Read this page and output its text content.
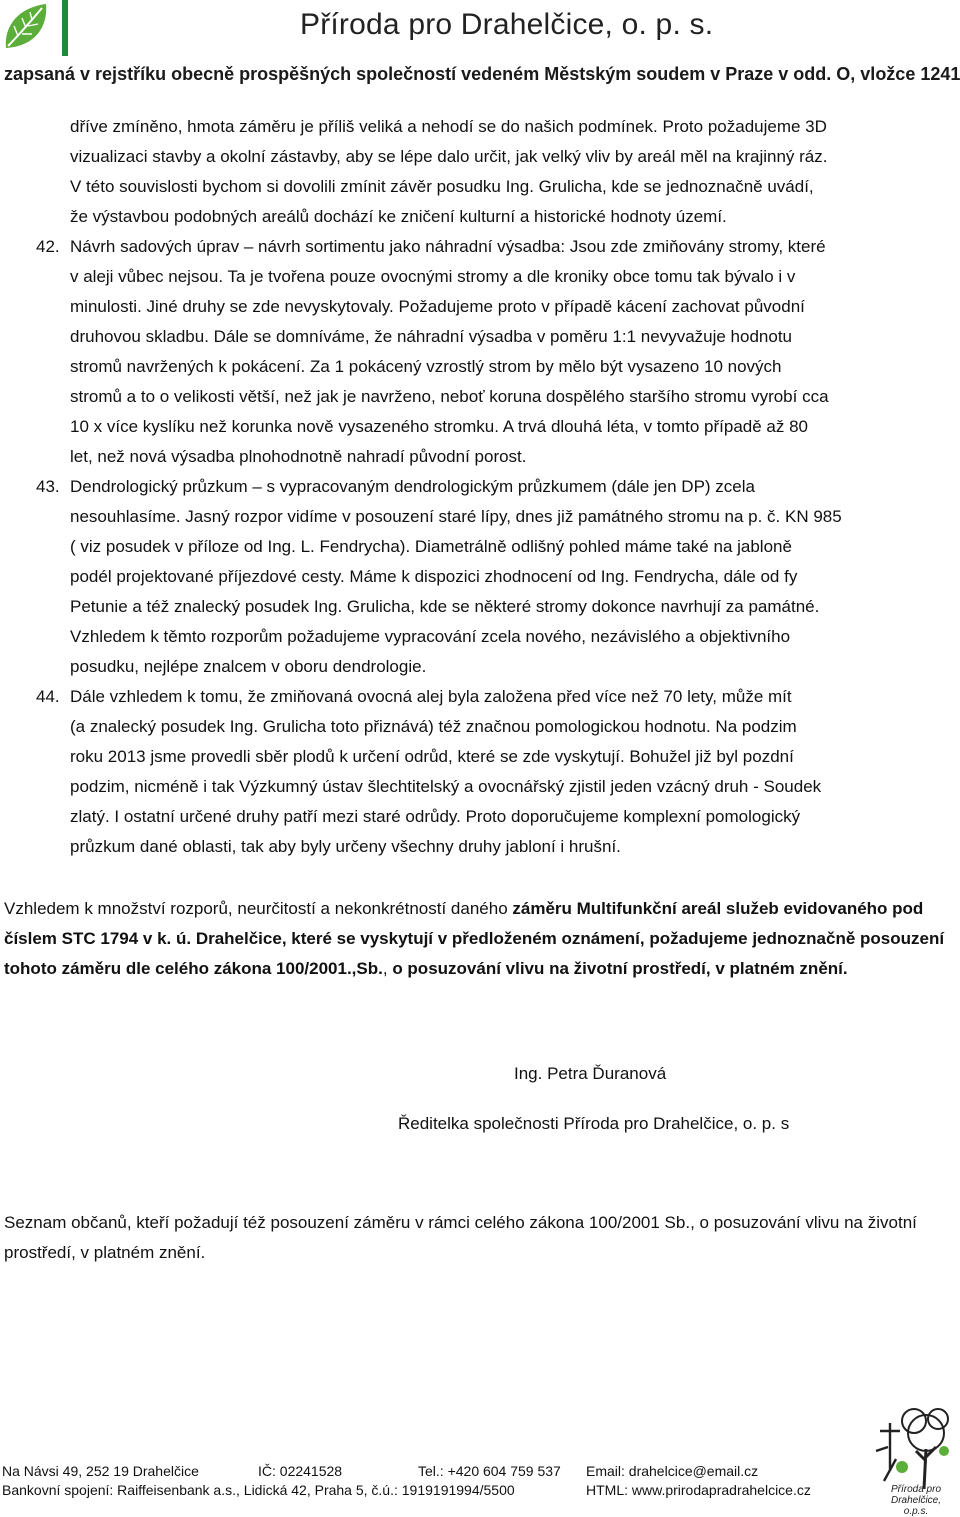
Příroda pro Drahelčice, o. p. s.
zapsaná v rejstříku obecně prospěšných společností vedeném Městským soudem v Praze v odd. O, vložce 1241
dříve zmíněno, hmota záměru je příliš veliká a nehodí se do našich podmínek. Proto požadujeme 3D
vizualizaci stavby a okolní zástavby, aby se lépe dalo určit, jak velký vliv by areál měl na krajinný ráz.
V této souvislosti bychom si dovolili zmínit závěr posudku Ing. Grulicha, kde se jednoznačně uvádí,
že výstavbou podobných areálů dochází ke zničení kulturní a historické hodnoty území.
42. Návrh sadových úprav – návrh sortimentu jako náhradní výsadba: Jsou zde zmiňovány stromy, které
v aleji vůbec nejsou. Ta je tvořena pouze ovocnými stromy a dle kroniky obce tomu tak bývalo i v
minulosti. Jiné druhy se zde nevyskytovaly. Požadujeme proto v případě kácení zachovat původní
druhovou skladbu. Dále se domníváme, že náhradní výsadba v poměru 1:1 nevyvažuje hodnotu
stromů navržených k pokácení. Za 1 pokácený vzrostlý strom by mělo být vysazeno 10 nových
stromů a to o velikosti větší, než jak je navrženo, neboť koruna dospělého staršího stromu vyrobí cca
10 x více kyslíku než korunka nově vysazeného stromku. A trvá dlouhá léta, v tomto případě až 80
let, než nová výsadba plnohodnotně nahradí původní porost.
43. Dendrologický průzkum – s vypracovaným dendrologickým průzkumem (dále jen DP) zcela
nesouhlasíme. Jasný rozpor vidíme v posouzení staré lípy, dnes již památného stromu na p. č. KN 985
( viz posudek v příloze od Ing. L. Fendrycha). Diametrálně odlišný pohled máme také na jabloně
podél projektované příjezdové cesty. Máme k dispozici zhodnocení od Ing. Fendrycha, dále od fy
Petunie a též znalecký posudek Ing. Grulicha, kde se některé stromy dokonce navrhují za památné.
Vzhledem k těmto rozporům požadujeme vypracování zcela nového, nezávislého a objektivního
posudku, nejlépe znalcem v oboru dendrologie.
44. Dále vzhledem k tomu, že zmiňovaná ovocná alej byla založena před více než 70 lety, může mít
(a znalecký posudek Ing. Grulicha toto přiznává) též značnou pomologickou hodnotu. Na podzim
roku 2013 jsme provedli sběr plodů k určení odrůd, které se zde vyskytují. Bohužel již byl pozdní
podzim, nicméně i tak Výzkumný ústav šlechtitelský a ovocnářský zjistil jeden vzácný druh - Soudek
zlatý. I ostatní určené druhy patří mezi staré odrůdy. Proto doporučujeme komplexní pomologický
průzkum dané oblasti, tak aby byly určeny všechny druhy jabloní i hrušní.
Vzhledem k množství rozporů, neurčitostí a nekonkrétností daného záměru Multifunkční areál služeb evidovaného pod číslem STC 1794 v k. ú. Drahelčice, které se vyskytují v předloženém oznámení, požadujeme jednoznačně posouzení tohoto záměru dle celého zákona 100/2001.,Sb., o posuzování vlivu na životní prostředí, v platném znění.
Ing. Petra Ďuranová
Ředitelka společnosti Příroda pro Drahelčice, o. p. s
Seznam občanů, kteří požadují též posouzení záměru v rámci celého zákona 100/2001 Sb., o posuzování vlivu na životní prostředí, v platném znění.
Příroda pro Drahelčice, o.p.s.
Na Návsi 49, 252 19 Drahelčice	IČ: 02241528	Tel.: +420 604 759 537 Email: drahelcice@email.cz
Bankovní spojení: Raiffeisenbank a.s., Lidická 42, Praha 5, č.ú.: 1919191994/5500	HTML: www.prirodapradrahelcice.cz
